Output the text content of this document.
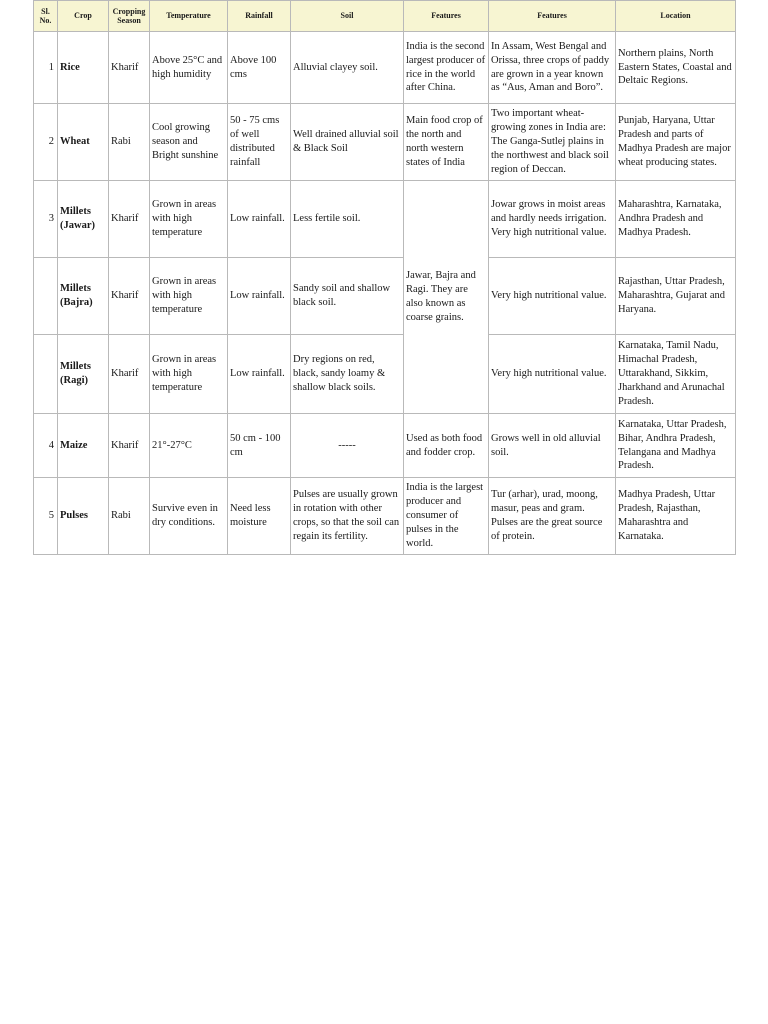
Sl. No.	Crop	Cropping Season	Temperature	Rainfall	Soil	Features	Features	Location
1	Rice	Kharif	Above 25°C and high humidity	Above 100 cms	Alluvial clayey soil.	India is the second largest producer of rice in the world after China.	In Assam, West Bengal and Orissa, three crops of paddy are grown in a year known as “Aus, Aman and Boro”.	Northern plains, North Eastern States, Coastal and Deltaic Regions.
2	Wheat	Rabi	Cool growing season and Bright sunshine	50 - 75 cms of well distributed rainfall	Well drained alluvial soil & Black Soil	Main food crop of the north and north western states of India	Two important wheat-growing zones in India are: The Ganga-Sutlej plains in the northwest and black soil region of Deccan.	Punjab, Haryana, Uttar Pradesh and parts of Madhya Pradesh are major wheat producing states.
3	Millets (Jawar)	Kharif	Grown in areas with high temperature	Low rainfall.	Less fertile soil.	Jawar, Bajra and Ragi. They are also known as coarse grains.	Jowar grows in moist areas and hardly needs irrigation. Very high nutritional value.	Maharashtra, Karnataka, Andhra Pradesh and Madhya Pradesh.
	Millets (Bajra)	Kharif	Grown in areas with high temperature	Low rainfall.	Sandy soil and shallow black soil.		Very high nutritional value.	Rajasthan, Uttar Pradesh, Maharashtra, Gujarat and Haryana.
	Millets (Ragi)	Kharif	Grown in areas with high temperature	Low rainfall.	Dry regions on red, black, sandy loamy & shallow black soils.		Very high nutritional value.	Karnataka, Tamil Nadu, Himachal Pradesh, Uttarakhand, Sikkim, Jharkhand and Arunachal Pradesh.
4	Maize	Kharif	21°-27°C	50 cm - 100 cm	-----	Used as both food and fodder crop.	Grows well in old alluvial soil.	Karnataka, Uttar Pradesh, Bihar, Andhra Pradesh, Telangana and Madhya Pradesh.
5	Pulses	Rabi	Survive even in dry conditions.	Need less moisture	Pulses are usually grown in rotation with other crops, so that the soil can regain its fertility.	India is the largest producer and consumer of pulses in the world.	Tur (arhar), urad, moong, masur, peas and gram. Pulses are the great source of protein.	Madhya Pradesh, Uttar Pradesh, Rajasthan, Maharashtra and Karnataka.
